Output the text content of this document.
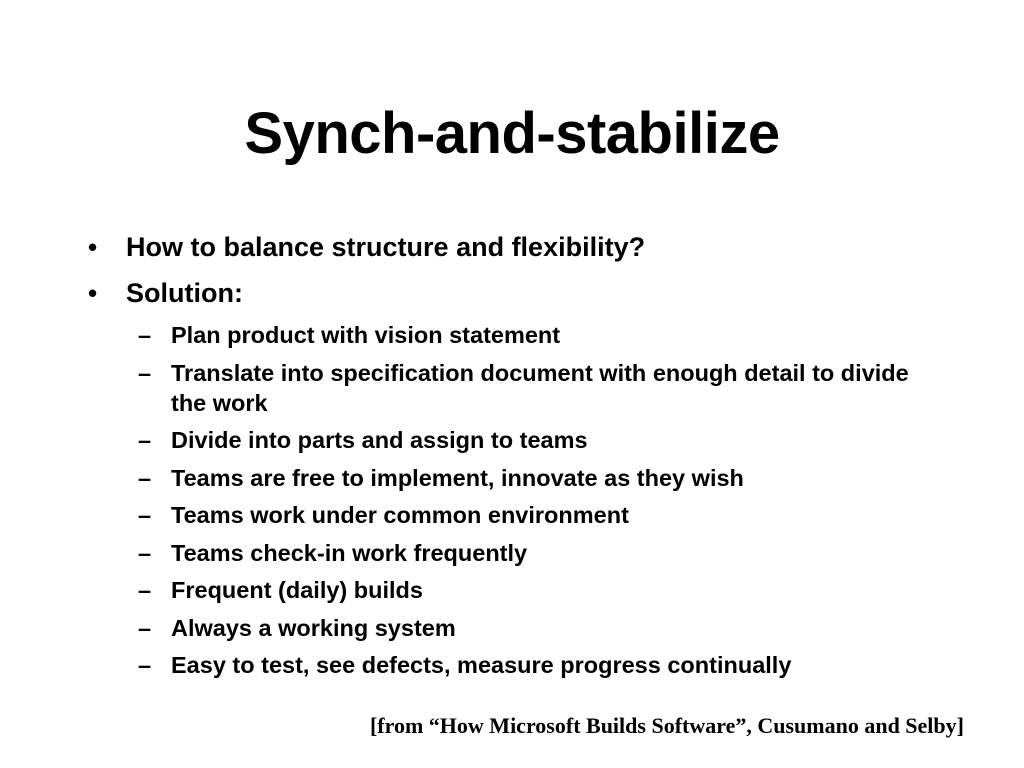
Synch-and-stabilize
• How to balance structure and flexibility?
• Solution:
– Plan product with vision statement
– Translate into specification document with enough detail to divide the work
– Divide into parts and assign to teams
– Teams are free to implement, innovate as they wish
– Teams work under common environment
– Teams check-in work frequently
– Frequent (daily) builds
– Always a working system
– Easy to test, see defects, measure progress continually
[from “How Microsoft Builds Software”, Cusumano and Selby]
